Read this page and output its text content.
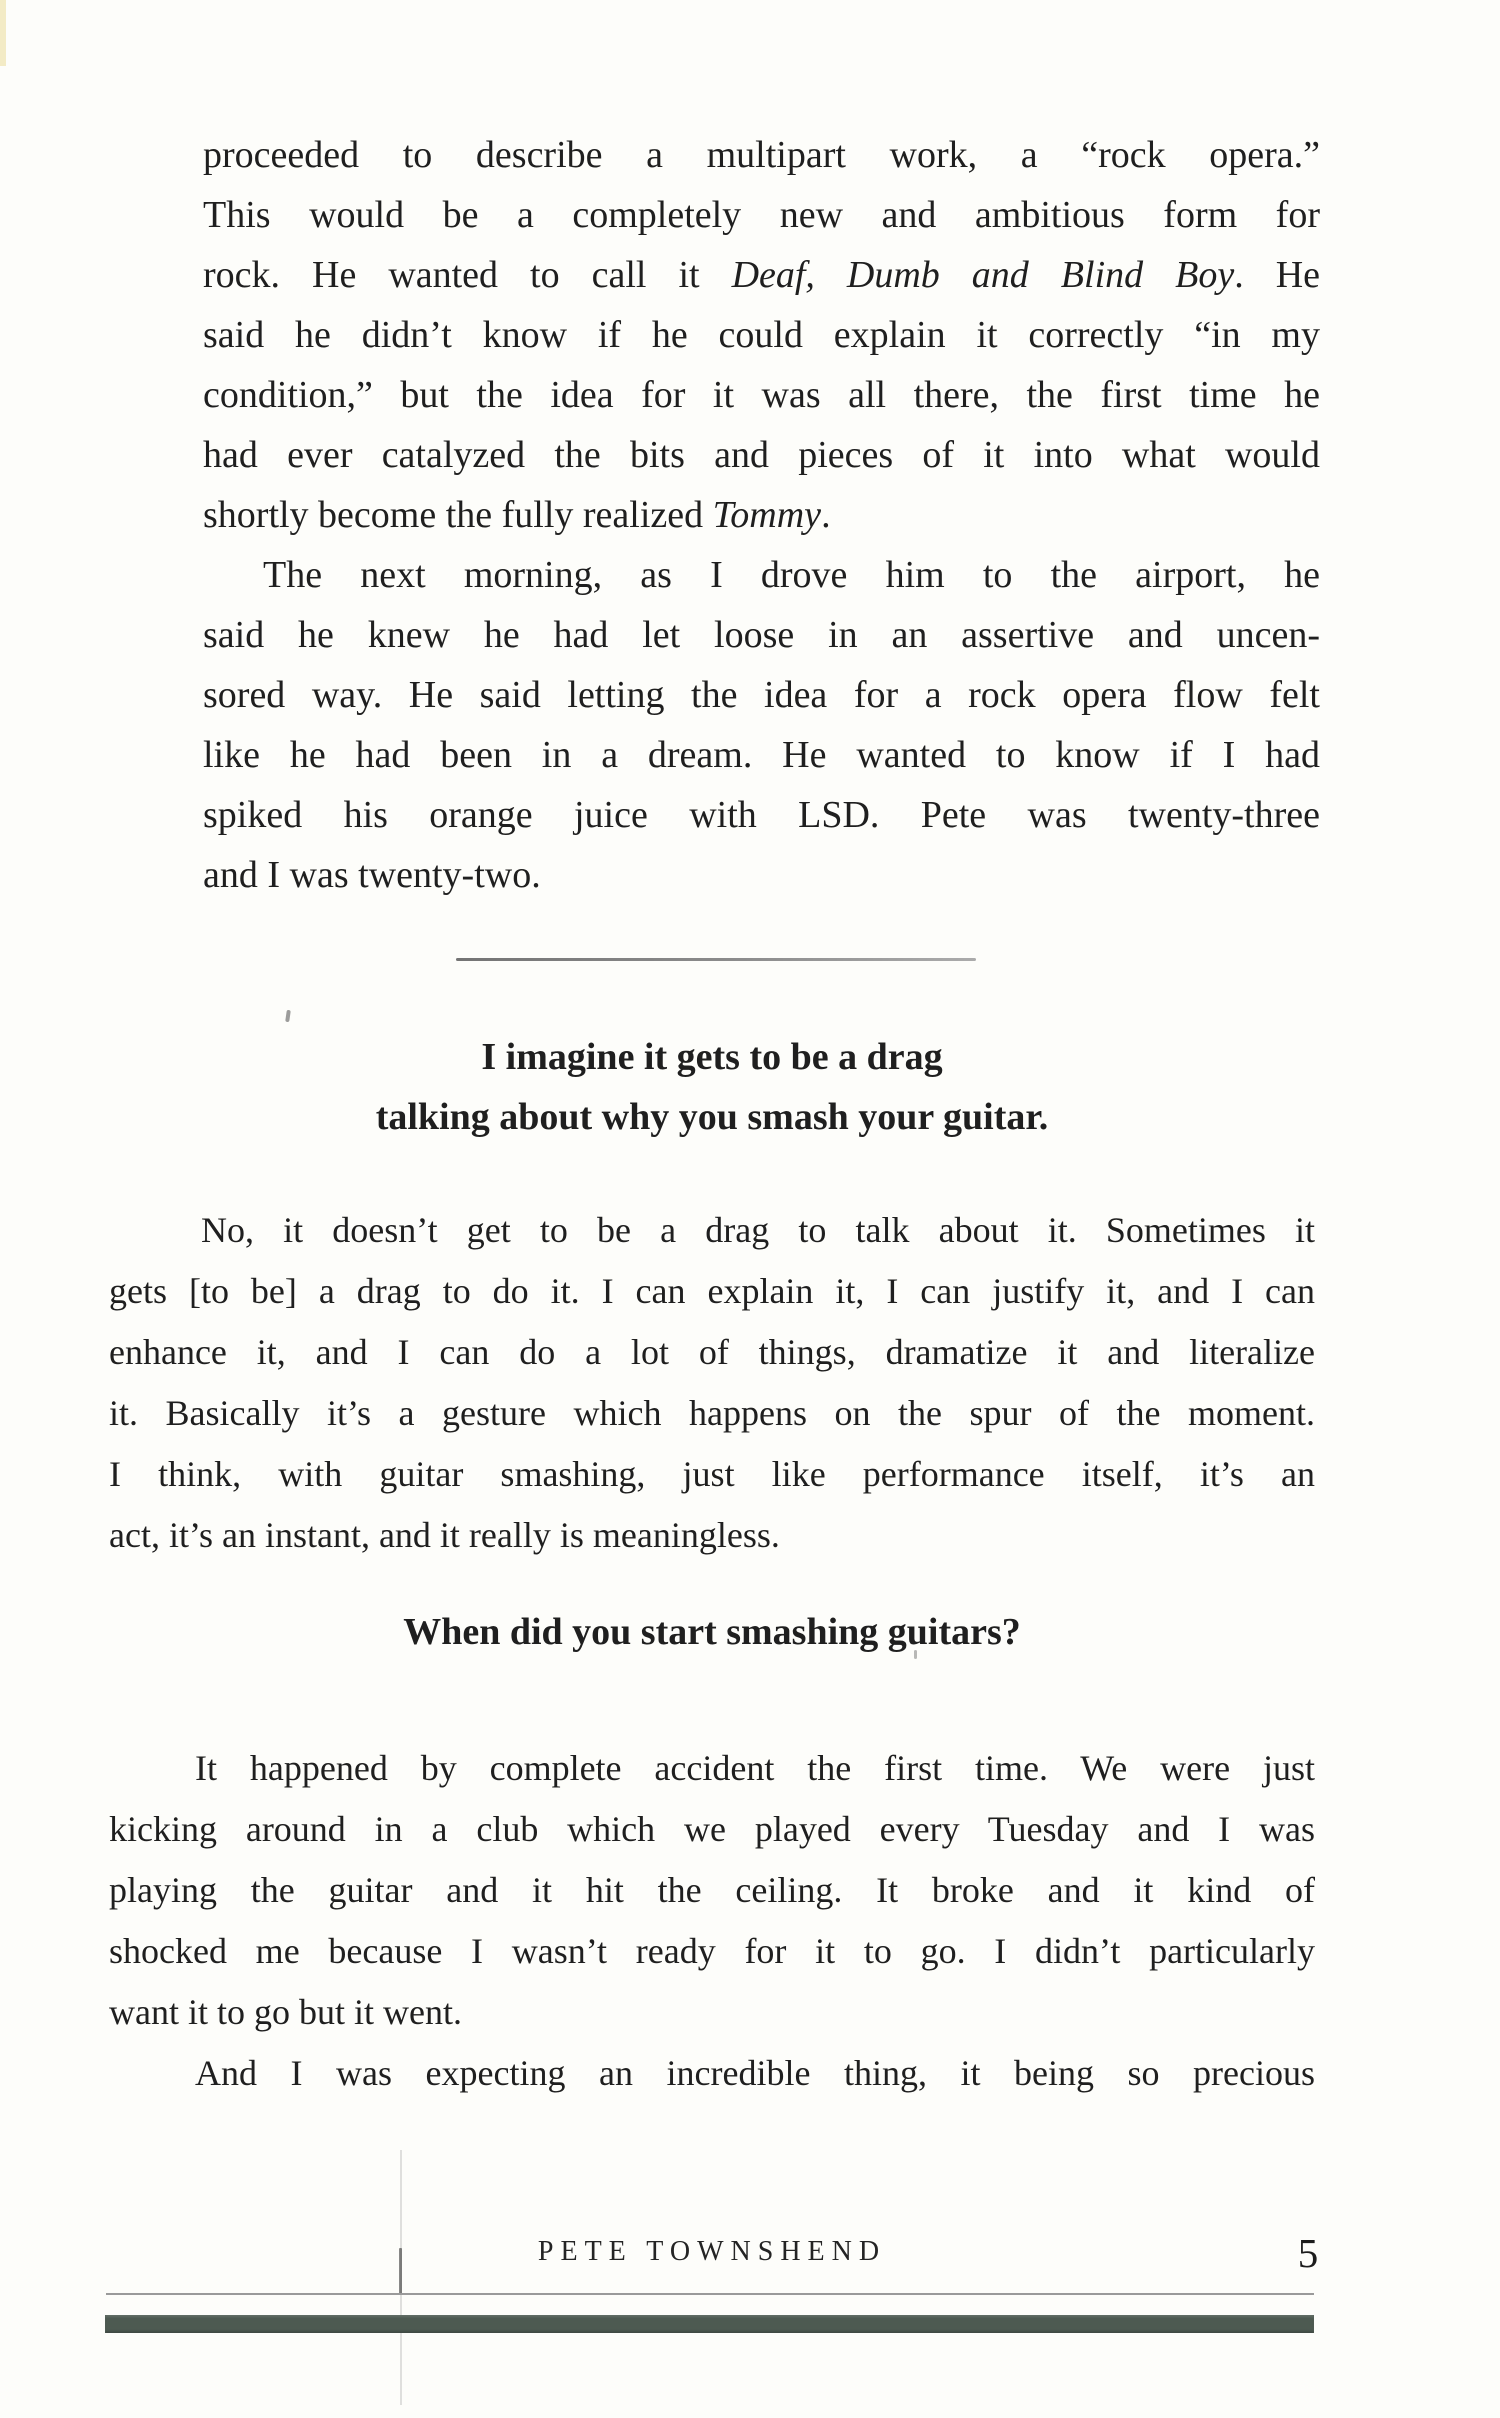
proceeded to describe a multipart work, a “rock opera.”
This would be a completely new and ambitious form for
rock. He wanted to call it Deaf, Dumb and Blind Boy. He
said he didn’t know if he could explain it correctly “in my
condition,” but the idea for it was all there, the first time he
had ever catalyzed the bits and pieces of it into what would
shortly become the fully realized Tommy.
The next morning, as I drove him to the airport, he
said he knew he had let loose in an assertive and uncen-
sored way. He said letting the idea for a rock opera flow felt
like he had been in a dream. He wanted to know if I had
spiked his orange juice with LSD. Pete was twenty-three
and I was twenty-two.
I imagine it gets to be a drag
talking about why you smash your guitar.
No, it doesn’t get to be a drag to talk about it. Sometimes it
gets [to be] a drag to do it. I can explain it, I can justify it, and I can
enhance it, and I can do a lot of things, dramatize it and literalize
it. Basically it’s a gesture which happens on the spur of the moment.
I think, with guitar smashing, just like performance itself, it’s an
act, it’s an instant, and it really is meaningless.
When did you start smashing guitars?
It happened by complete accident the first time. We were just
kicking around in a club which we played every Tuesday and I was
playing the guitar and it hit the ceiling. It broke and it kind of
shocked me because I wasn’t ready for it to go. I didn’t particularly
want it to go but it went.
And I was expecting an incredible thing, it being so precious
PETE TOWNSHEND	5
